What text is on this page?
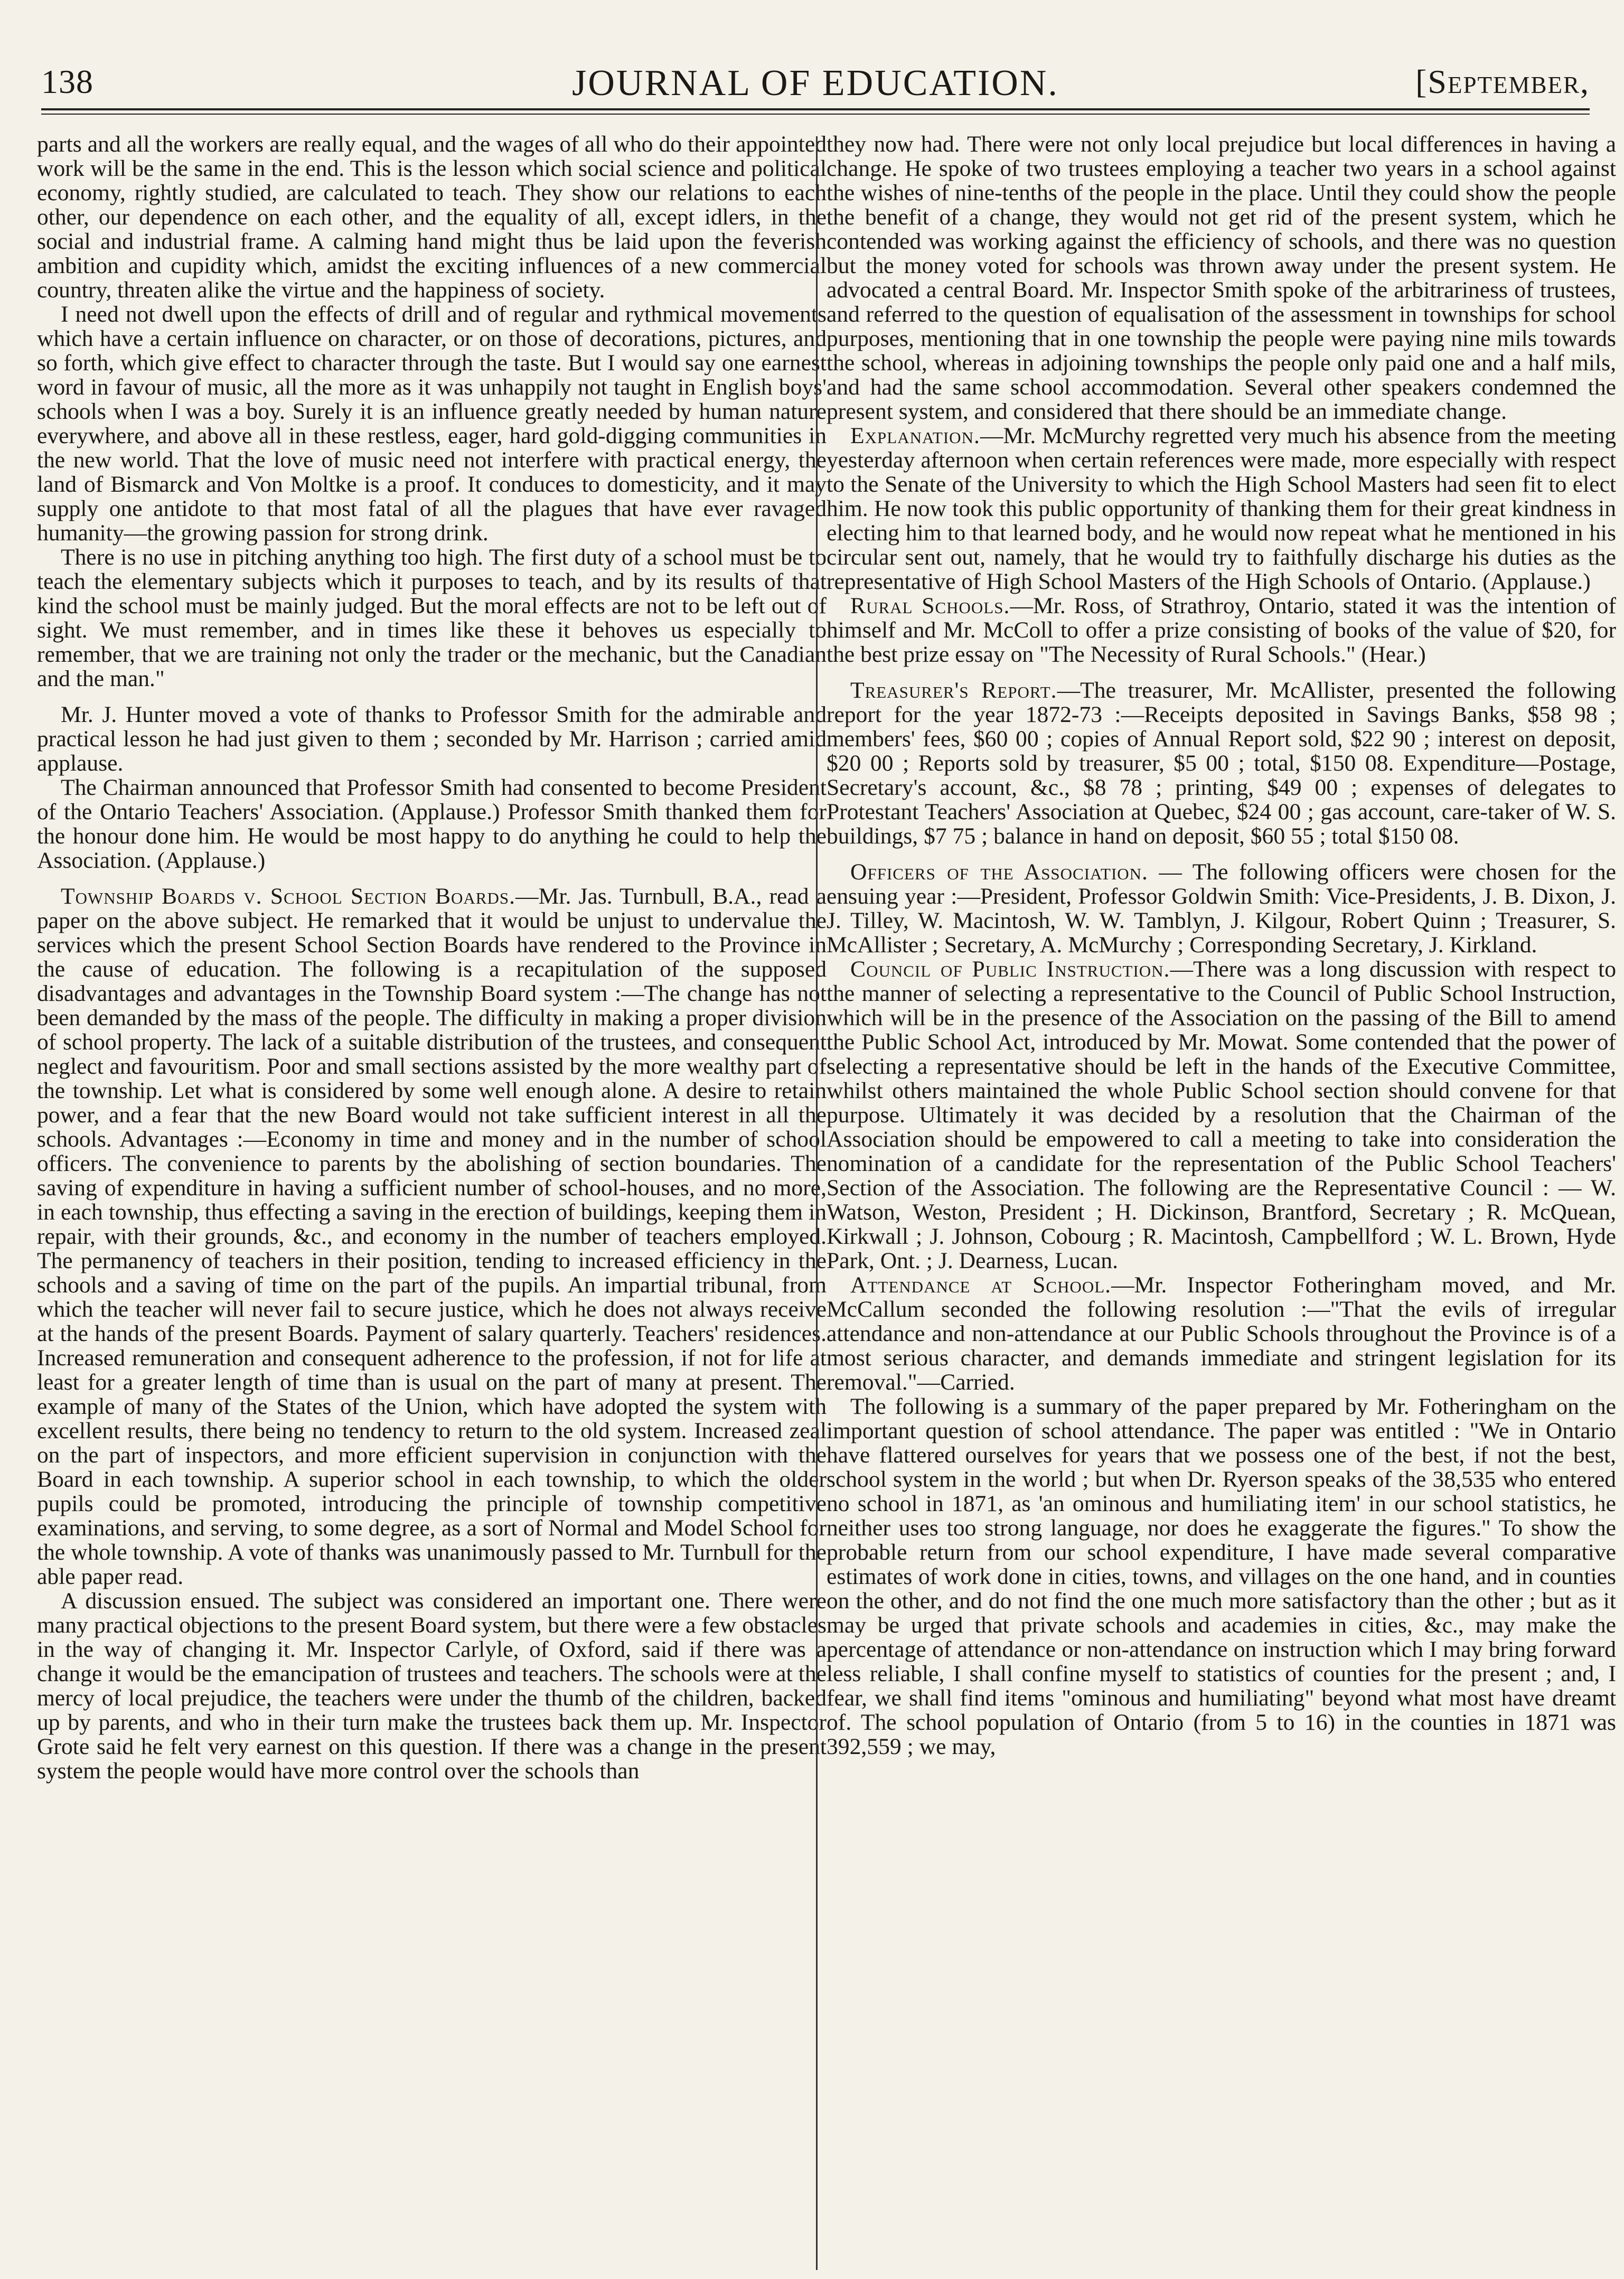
138	JOURNAL OF EDUCATION.	[September,

parts and all the workers are really equal, and the wages of all who do their appointed work will be the same in the end. This is the lesson which social science and political economy, rightly studied, are calculated to teach. They show our relations to each other, our dependence on each other, and the equality of all, except idlers, in the social and industrial frame. A calming hand might thus be laid upon the feverish ambition and cupidity which, amidst the exciting influences of a new commercial country, threaten alike the virtue and the happiness of society.

I need not dwell upon the effects of drill and of regular and rythmical movements which have a certain influence on character, or on those of decorations, pictures, and so forth, which give effect to character through the taste. But I would say one earnest word in favour of music, all the more as it was unhappily not taught in English boys' schools when I was a boy. Surely it is an influence greatly needed by human nature everywhere, and above all in these restless, eager, hard gold-digging communities in the new world. That the love of music need not interfere with practical energy, the land of Bismarck and Von Moltke is a proof. It conduces to domesticity, and it may supply one antidote to that most fatal of all the plagues that have ever ravaged humanity—the growing passion for strong drink.

There is no use in pitching anything too high. The first duty of a school must be to teach the elementary subjects which it purposes to teach, and by its results of that kind the school must be mainly judged. But the moral effects are not to be left out of sight. We must remember, and in times like these it behoves us especially to remember, that we are training not only the trader or the mechanic, but the Canadian and the man."

Mr. J. Hunter moved a vote of thanks to Professor Smith for the admirable and practical lesson he had just given to them ; seconded by Mr. Harrison ; carried amid applause.

The Chairman announced that Professor Smith had consented to become President of the Ontario Teachers' Association. (Applause.) Professor Smith thanked them for the honour done him. He would be most happy to do anything he could to help the Association. (Applause.)

Township Boards v. School Section Boards.—Mr. Jas. Turnbull, B.A., read a paper on the above subject. He remarked that it would be unjust to undervalue the services which the present School Section Boards have rendered to the Province in the cause of education. The following is a recapitulation of the supposed disadvantages and advantages in the Township Board system :—The change has not been demanded by the mass of the people. The difficulty in making a proper division of school property. The lack of a suitable distribution of the trustees, and consequent neglect and favouritism. Poor and small sections assisted by the more wealthy part of the township. Let what is considered by some well enough alone. A desire to retain power, and a fear that the new Board would not take sufficient interest in all the schools. Advantages :—Economy in time and money and in the number of school officers. The convenience to parents by the abolishing of section boundaries. The saving of expenditure in having a sufficient number of school-houses, and no more, in each township, thus effecting a saving in the erection of buildings, keeping them in repair, with their grounds, &c., and economy in the number of teachers employed. The permanency of teachers in their position, tending to increased efficiency in the schools and a saving of time on the part of the pupils. An impartial tribunal, from which the teacher will never fail to secure justice, which he does not always receive at the hands of the present Boards. Payment of salary quarterly. Teachers' residences. Increased remuneration and consequent adherence to the profession, if not for life at least for a greater length of time than is usual on the part of many at present. The example of many of the States of the Union, which have adopted the system with excellent results, there being no tendency to return to the old system. Increased zeal on the part of inspectors, and more efficient supervision in conjunction with the Board in each township. A superior school in each township, to which the older pupils could be promoted, introducing the principle of township competitive examinations, and serving, to some degree, as a sort of Normal and Model School for the whole township. A vote of thanks was unanimously passed to Mr. Turnbull for the able paper read.

A discussion ensued. The subject was considered an important one. There were many practical objections to the present Board system, but there were a few obstacles in the way of changing it. Mr. Inspector Carlyle, of Oxford, said if there was a change it would be the emancipation of trustees and teachers. The schools were at the mercy of local prejudice, the teachers were under the thumb of the children, backed up by parents, and who in their turn make the trustees back them up. Mr. Inspector Grote said he felt very earnest on this question. If there was a change in the present system the people would have more control over the schools than

they now had. There were not only local prejudice but local differences in having a change. He spoke of two trustees employing a teacher two years in a school against the wishes of nine-tenths of the people in the place. Until they could show the people the benefit of a change, they would not get rid of the present system, which he contended was working against the efficiency of schools, and there was no question but the money voted for schools was thrown away under the present system. He advocated a central Board. Mr. Inspector Smith spoke of the arbitrariness of trustees, and referred to the question of equalisation of the assessment in townships for school purposes, mentioning that in one township the people were paying nine mils towards the school, whereas in adjoining townships the people only paid one and a half mils, and had the same school accommodation. Several other speakers condemned the present system, and considered that there should be an immediate change.

Explanation.—Mr. McMurchy regretted very much his absence from the meeting yesterday afternoon when certain references were made, more especially with respect to the Senate of the University to which the High School Masters had seen fit to elect him. He now took this public opportunity of thanking them for their great kindness in electing him to that learned body, and he would now repeat what he mentioned in his circular sent out, namely, that he would try to faithfully discharge his duties as the representative of High School Masters of the High Schools of Ontario. (Applause.)

Rural Schools.—Mr. Ross, of Strathroy, Ontario, stated it was the intention of himself and Mr. McColl to offer a prize consisting of books of the value of $20, for the best prize essay on "The Necessity of Rural Schools." (Hear.)

Treasurer's Report.—The treasurer, Mr. McAllister, presented the following report for the year 1872-73 :—Receipts deposited in Savings Banks, $58 98 ; members' fees, $60 00 ; copies of Annual Report sold, $22 90 ; interest on deposit, $20 00 ; Reports sold by treasurer, $5 00 ; total, $150 08. Expenditure—Postage, Secretary's account, &c., $8 78 ; printing, $49 00 ; expenses of delegates to Protestant Teachers' Association at Quebec, $24 00 ; gas account, care-taker of W. S. buildings, $7 75 ; balance in hand on deposit, $60 55 ; total $150 08.

Officers of the Association. — The following officers were chosen for the ensuing year :—President, Professor Goldwin Smith: Vice-Presidents, J. B. Dixon, J. J. Tilley, W. Macintosh, W. W. Tamblyn, J. Kilgour, Robert Quinn ; Treasurer, S. McAllister ; Secretary, A. McMurchy ; Corresponding Secretary, J. Kirkland.

Council of Public Instruction.—There was a long discussion with respect to the manner of selecting a representative to the Council of Public School Instruction, which will be in the presence of the Association on the passing of the Bill to amend the Public School Act, introduced by Mr. Mowat. Some contended that the power of selecting a representative should be left in the hands of the Executive Committee, whilst others maintained the whole Public School section should convene for that purpose. Ultimately it was decided by a resolution that the Chairman of the Association should be empowered to call a meeting to take into consideration the nomination of a candidate for the representation of the Public School Teachers' Section of the Association. The following are the Representative Council : — W. Watson, Weston, President ; H. Dickinson, Brantford, Secretary ; R. McQuean, Kirkwall ; J. Johnson, Cobourg ; R. Macintosh, Campbellford ; W. L. Brown, Hyde Park, Ont. ; J. Dearness, Lucan.

Attendance at School.—Mr. Inspector Fotheringham moved, and Mr. McCallum seconded the following resolution :—"That the evils of irregular attendance and non-attendance at our Public Schools throughout the Province is of a most serious character, and demands immediate and stringent legislation for its removal."—Carried.

The following is a summary of the paper prepared by Mr. Fotheringham on the important question of school attendance. The paper was entitled : "We in Ontario have flattered ourselves for years that we possess one of the best, if not the best, school system in the world ; but when Dr. Ryerson speaks of the 38,535 who entered no school in 1871, as 'an ominous and humiliating item' in our school statistics, he neither uses too strong language, nor does he exaggerate the figures." To show the probable return from our school expenditure, I have made several comparative estimates of work done in cities, towns, and villages on the one hand, and in counties on the other, and do not find the one much more satisfactory than the other ; but as it may be urged that private schools and academies in cities, &c., may make the percentage of attendance or non-attendance on instruction which I may bring forward less reliable, I shall confine myself to statistics of counties for the present ; and, I fear, we shall find items "ominous and humiliating" beyond what most have dreamt of. The school population of Ontario (from 5 to 16) in the counties in 1871 was 392,559 ; we may,
